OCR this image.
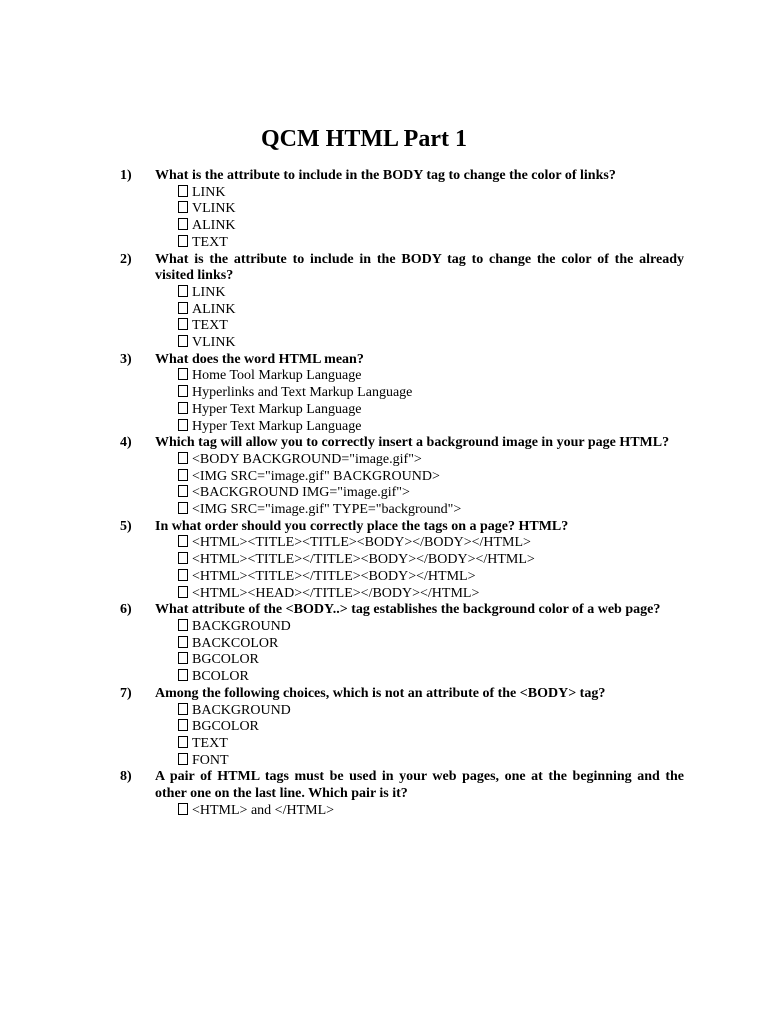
QCM HTML Part 1
1) What is the attribute to include in the BODY tag to change the color of links?
LINK
VLINK
ALINK
TEXT
2) What is the attribute to include in the BODY tag to change the color of the already visited links?
LINK
ALINK
TEXT
VLINK
3) What does the word HTML mean?
Home Tool Markup Language
Hyperlinks and Text Markup Language
Hyper Text Markup Language
Hyper Text Markup Language
4) Which tag will allow you to correctly insert a background image in your page HTML?
<BODY BACKGROUND="image.gif">
<IMG SRC="image.gif" BACKGROUND>
<BACKGROUND IMG="image.gif">
<IMG SRC="image.gif" TYPE="background">
5) In what order should you correctly place the tags on a page? HTML?
<HTML><TITLE><TITLE><BODY></BODY></HTML>
<HTML><TITLE></TITLE><BODY></BODY></HTML>
<HTML><TITLE></TITLE><BODY></HTML>
<HTML><HEAD></TITLE></BODY></HTML>
6) What attribute of the <BODY..> tag establishes the background color of a web page?
BACKGROUND
BACKCOLOR
BGCOLOR
BCOLOR
7) Among the following choices, which is not an attribute of the <BODY> tag?
BACKGROUND
BGCOLOR
TEXT
FONT
8) A pair of HTML tags must be used in your web pages, one at the beginning and the other one on the last line. Which pair is it?
<HTML> and </HTML>
